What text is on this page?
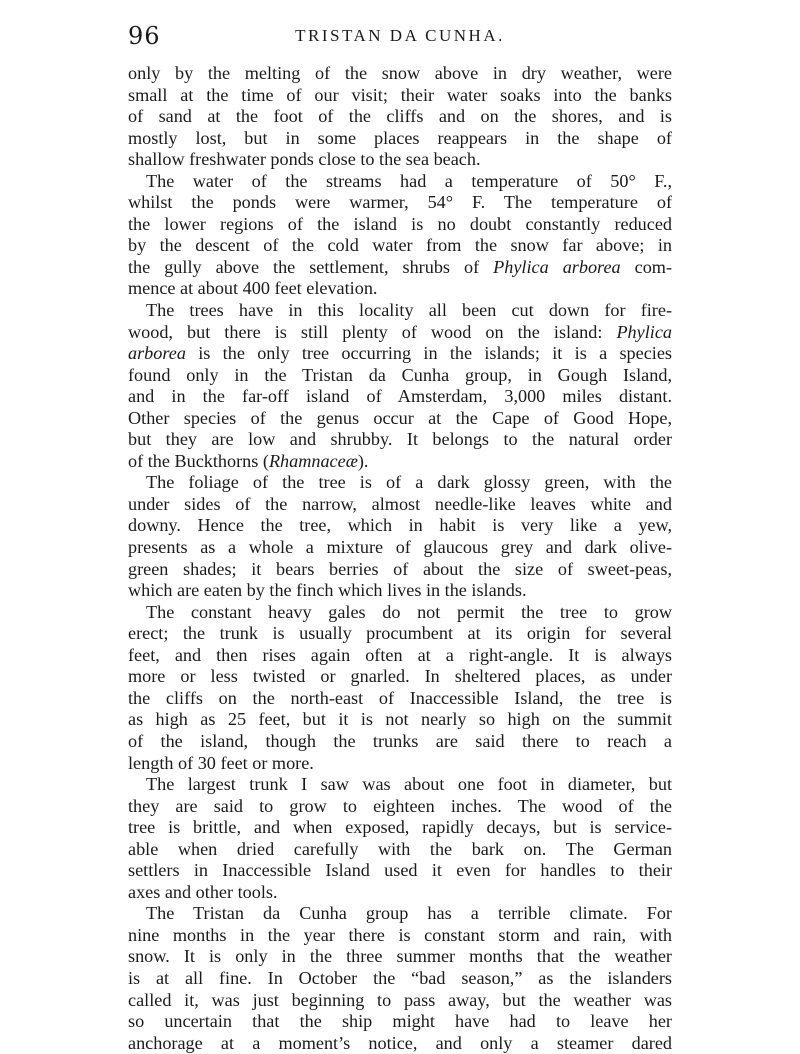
96	TRISTAN DA CUNHA.
only by the melting of the snow above in dry weather, were
small at the time of our visit; their water soaks into the banks
of sand at the foot of the cliffs and on the shores, and is
mostly lost, but in some places reappears in the shape of
shallow freshwater ponds close to the sea beach.
The water of the streams had a temperature of 50° F.,
whilst the ponds were warmer, 54° F. The temperature of
the lower regions of the island is no doubt constantly reduced
by the descent of the cold water from the snow far above; in
the gully above the settlement, shrubs of Phylica arborea com-
mence at about 400 feet elevation.
The trees have in this locality all been cut down for fire-
wood, but there is still plenty of wood on the island: Phylica
arborea is the only tree occurring in the islands; it is a species
found only in the Tristan da Cunha group, in Gough Island,
and in the far-off island of Amsterdam, 3,000 miles distant.
Other species of the genus occur at the Cape of Good Hope,
but they are low and shrubby. It belongs to the natural order
of the Buckthorns (Rhamnaceæ).
The foliage of the tree is of a dark glossy green, with the
under sides of the narrow, almost needle-like leaves white and
downy. Hence the tree, which in habit is very like a yew,
presents as a whole a mixture of glaucous grey and dark olive-
green shades; it bears berries of about the size of sweet-peas,
which are eaten by the finch which lives in the islands.
The constant heavy gales do not permit the tree to grow
erect; the trunk is usually procumbent at its origin for several
feet, and then rises again often at a right-angle. It is always
more or less twisted or gnarled. In sheltered places, as under
the cliffs on the north-east of Inaccessible Island, the tree is
as high as 25 feet, but it is not nearly so high on the summit
of the island, though the trunks are said there to reach a
length of 30 feet or more.
The largest trunk I saw was about one foot in diameter, but
they are said to grow to eighteen inches. The wood of the
tree is brittle, and when exposed, rapidly decays, but is service-
able when dried carefully with the bark on. The German
settlers in Inaccessible Island used it even for handles to their
axes and other tools.
The Tristan da Cunha group has a terrible climate. For
nine months in the year there is constant storm and rain, with
snow. It is only in the three summer months that the weather
is at all fine. In October the “bad season,” as the islanders
called it, was just beginning to pass away, but the weather was
so uncertain that the ship might have had to leave her
anchorage at a moment’s notice, and only a steamer dared
